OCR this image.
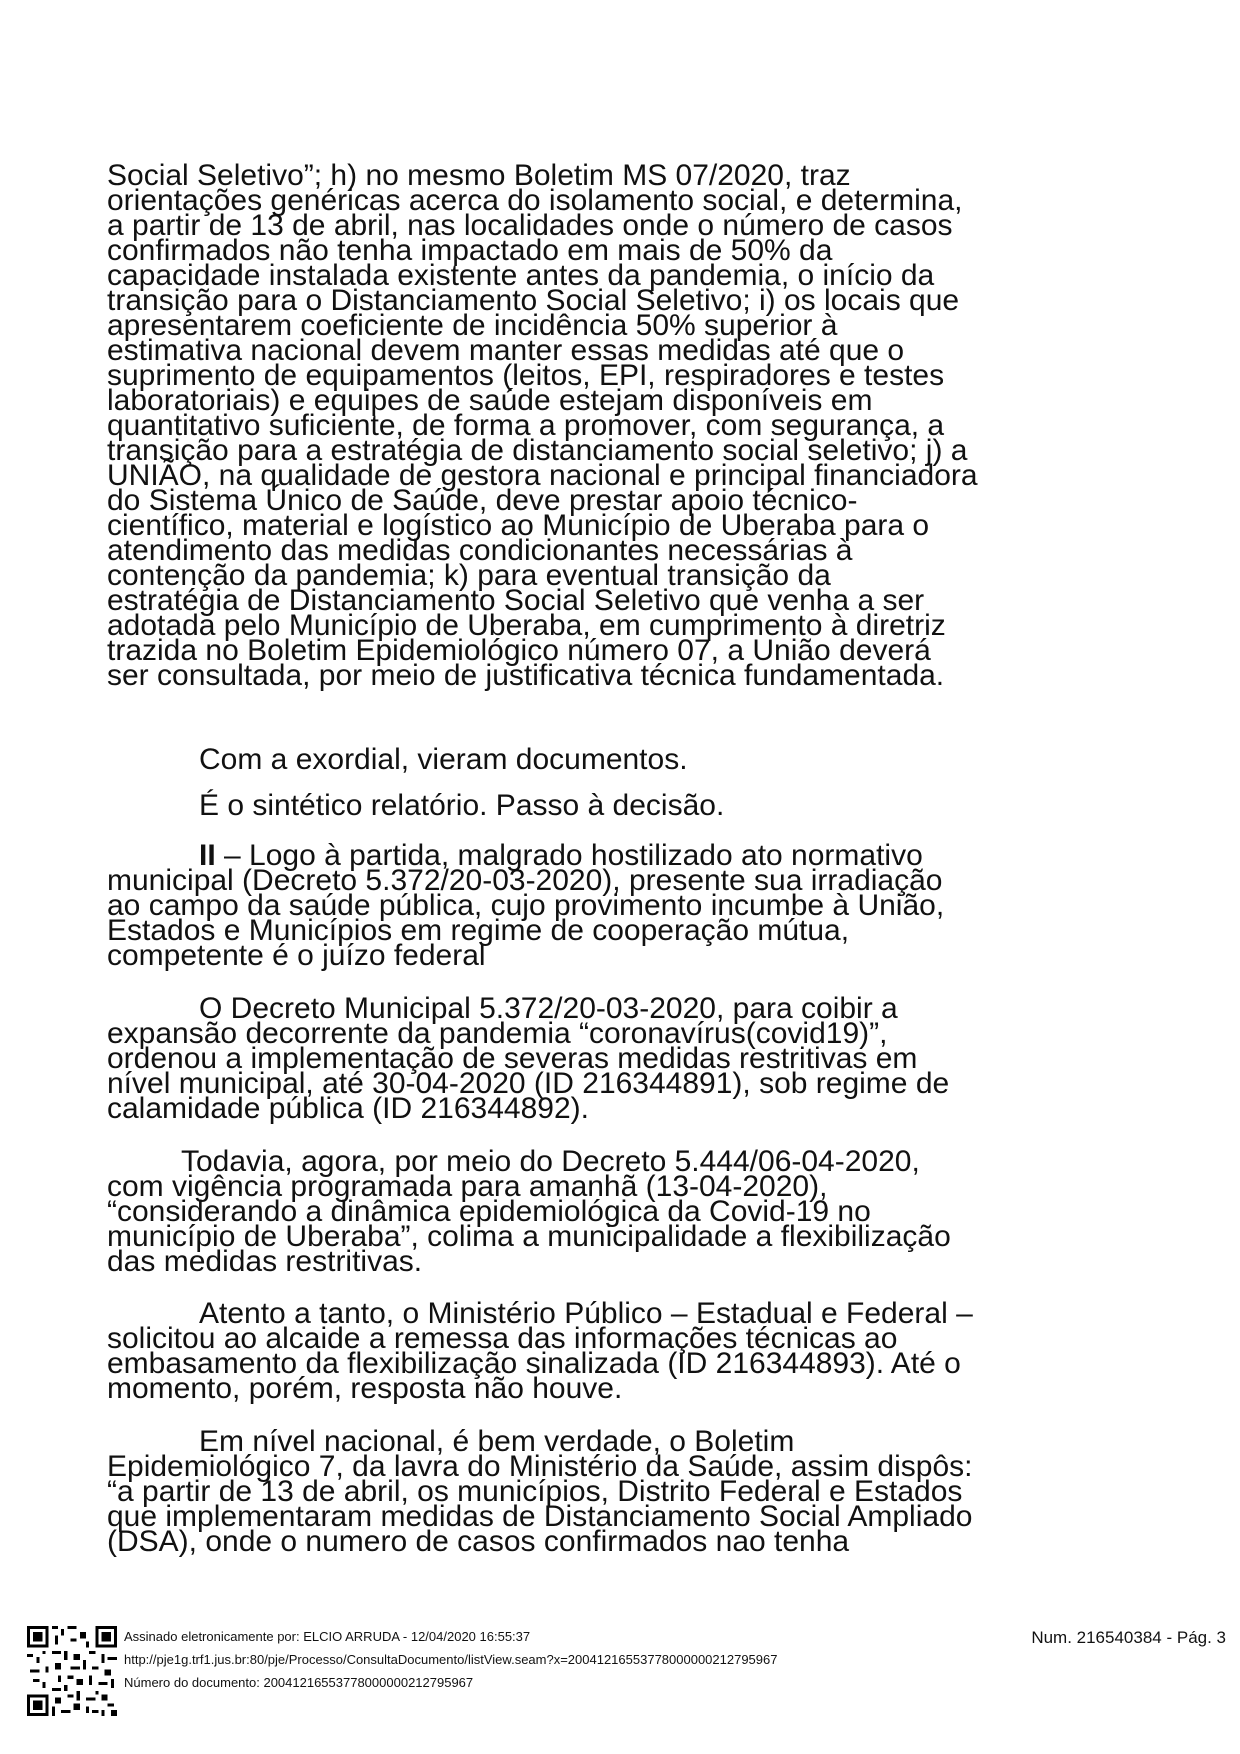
Social Seletivo”; h) no mesmo Boletim MS 07/2020, traz
orientações genéricas acerca do isolamento social, e determina,
a partir de 13 de abril, nas localidades onde o número de casos
confirmados não tenha impactado em mais de 50% da
capacidade instalada existente antes da pandemia, o início da
transição para o Distanciamento Social Seletivo; i) os locais que
apresentarem coeficiente de incidência 50% superior à
estimativa nacional devem manter essas medidas até que o
suprimento de equipamentos (leitos, EPI, respiradores e testes
laboratoriais) e equipes de saúde estejam disponíveis em
quantitativo suficiente, de forma a promover, com segurança, a
transição para a estratégia de distanciamento social seletivo; j) a
UNIÃO, na qualidade de gestora nacional e principal financiadora
do Sistema Único de Saúde, deve prestar apoio técnico-
científico, material e logístico ao Município de Uberaba para o
atendimento das medidas condicionantes necessárias à
contenção da pandemia; k) para eventual transição da
estratégia de Distanciamento Social Seletivo que venha a ser
adotada pelo Município de Uberaba, em cumprimento à diretriz
trazida no Boletim Epidemiológico número 07, a União deverá
ser consultada, por meio de justificativa técnica fundamentada.
Com a exordial, vieram documentos.
É o sintético relatório. Passo à decisão.
II – Logo à partida, malgrado hostilizado ato normativo
municipal (Decreto 5.372/20-03-2020), presente sua irradiação
ao campo da saúde pública, cujo provimento incumbe à União,
Estados e Municípios em regime de cooperação mútua,
competente é o juízo federal
O Decreto Municipal 5.372/20-03-2020, para coibir a
expansão decorrente da pandemia “coronavírus(covid19)”,
ordenou a implementação de severas medidas restritivas em
nível municipal, até 30-04-2020 (ID 216344891), sob regime de
calamidade pública (ID 216344892).
Todavia, agora, por meio do Decreto 5.444/06-04-2020,
com vigência programada para amanhã (13-04-2020),
“considerando a dinâmica epidemiológica da Covid-19 no
município de Uberaba”, colima a municipalidade a flexibilização
das medidas restritivas.
Atento a tanto, o Ministério Público – Estadual e Federal –
solicitou ao alcaide a remessa das informações técnicas ao
embasamento da flexibilização sinalizada (ID 216344893). Até o
momento, porém, resposta não houve.
Em nível nacional, é bem verdade, o Boletim
Epidemiológico 7, da lavra do Ministério da Saúde, assim dispôs:
“a partir de 13 de abril, os municípios, Distrito Federal e Estados
que implementaram medidas de Distanciamento Social Ampliado
(DSA), onde o numero de casos confirmados nao tenha
Assinado eletronicamente por: ELCIO ARRUDA - 12/04/2020 16:55:37
http://pje1g.trf1.jus.br:80/pje/Processo/ConsultaDocumento/listView.seam?x=20041216553778000000212795967
Número do documento: 20041216553778000000212795967
Num. 216540384 - Pág. 3
